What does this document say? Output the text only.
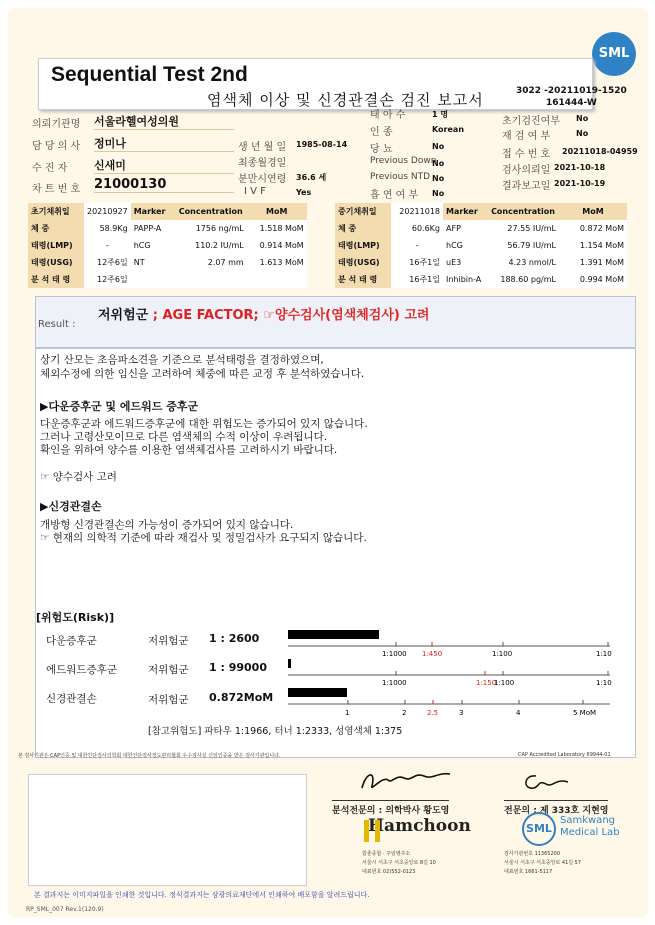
SML
Sequential Test 2nd
염색체 이상 및 신경관결손 검진 보고서	3022 -20211019-1520
161444-W
의뢰기관명 서울라헬여성의원
담 당 의 사 정미나
수 진 자 신새미
차 트 번 호 21000130
생 년 월 일 1985-08-14
최종월경일
분만시연령 36.6 세
I V F	Yes
태 아 수	1 명
인 종	Korean
당 뇨	No
Previous Down
No
Previous NTD No
흡 연 여 부 No
초기검진여부 No
재 검 여 부	No
접 수 번 호 20211018-04959
검사의뢰일 2021-10-18
결과보고일 2021-10-19
초기채취일	20210927	Marker	Concentration	MoM
체 중	58.9Kg	PAPP-A	1756 ng/mL	1.518 MoM
태령(LMP)	-	hCG	110.2 IU/mL	0.914 MoM
태령(USG)	12주6일	NT	2.07 mm	1.613 MoM
분 석 태 령	12주6일			
중기채취일	20211018	Marker	Concentration	MoM
체 중	60.6Kg	AFP	27.55 IU/mL	0.872 MoM
태령(LMP)	-	hCG	56.79 IU/mL	1.154 MoM
태령(USG)	16주1일	uE3	4.23 nmol/L	1.391 MoM
분 석 태 령	16주1일	Inhibin-A	188.60 pg/mL	0.994 MoM
Result :
저위험군 ; AGE FACTOR; ☞양수검사(염색체검사) 고려
상기 산모는 초음파소견을 기준으로 분석태령을 결정하였으며,
체외수정에 의한 임신을 고려하여 체중에 따른 교정 후 분석하였습니다.
▶다운증후군 및 에드워드 증후군
다운증후군과 에드워드증후군에 대한 위험도는 증가되어 있지 않습니다.
그러나 고령산모이므로 다른 염색체의 수적 이상이 우려됩니다.
확인을 위하여 양수를 이용한 염색체검사를 고려하시기 바랍니다.
☞ 양수검사 고려
▶신경관결손
개방형 신경관결손의 가능성이 증가되어 있지 않습니다.
☞ 현재의 의학적 기준에 따라 재검사 및 정밀검사가 요구되지 않습니다.
[위험도(Risk)]
다운증후군	저위험군 1 : 2600
에드워드증후군	저위험군 1 : 99000
신경관결손	저위험군 0.872MoM
1:1000 1:450	1:100	1:10
1:1000	1:150
1:100	1:10
1	2	2.5	3	4	5 MoM
[참고위험도] 파타우 1:1966, 터너 1:2333, 성염색체 1:375
본 검사기관은 CAP인증 및 대한진단검사의학회 대한진단검사정도관리협회 우수검사실 신임인증을 받은 검사기관입니다.	CAP Accredited Laboratory 69944-01
분석전문의 : 의학박사 황도영	전문의 : 제 333호 지현영
Hamchoon
함춘종합 · 주임병주소
서울시 서초구 서초중앙로 8길 10
대표번호 02)552-0123
SML
Samkwang
Medical Lab
검사기관번호 11365200
서울시 서초구 서초중앙로 41길 57
대표번호 1661-5117
본 결과지는 이미지파일을 인쇄한 것입니다. 정식결과지는 삼광의료재단에서 인쇄하여 배포함을 알려드립니다.
RP_SML_007 Rev.1(120.9)
